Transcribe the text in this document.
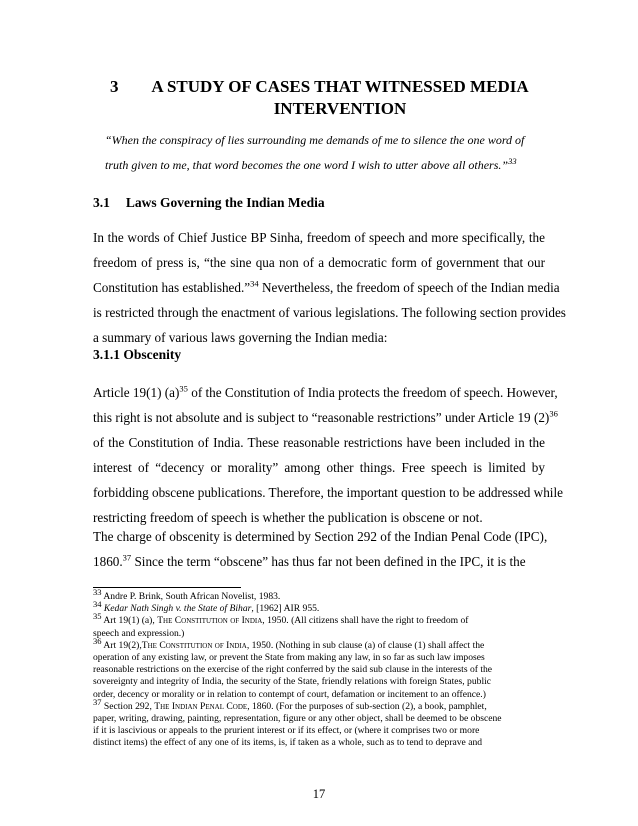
3 A STUDY OF CASES THAT WITNESSED MEDIA
INTERVENTION
“When the conspiracy of lies surrounding me demands of me to silence the one word of
truth given to me, that word becomes the one word I wish to utter above all others.”$^{33}$
3.1 Laws Governing the Indian Media
In the words of Chief Justice BP Sinha, freedom of speech and more specifically, the
freedom of press is, “the sine qua non of a democratic form of government that our
Constitution has established.”$^{34}$ Nevertheless, the freedom of speech of the Indian media
is restricted through the enactment of various legislations. The following section provides
a summary of various laws governing the Indian media:
3.1.1 Obscenity
Article 19(1) $(a)^{35}$ of the Constitution of India protects the freedom of speech. However,
this right is not absolute and is subject to “reasonable restrictions” under Article 19 $(2)^{36}$
of the Constitution of India. These reasonable restrictions have been included in the
interest of “decency or morality” among other things. Free speech is limited by
forbidding obscene publications. Therefore, the important question to be addressed while
restricting freedom of speech is whether the publication is obscene or not.
The charge of obscenity is determined by Section 292 of the Indian Penal Code (IPC),
1860.37 Since the term “obscene” has thus far not been defined in the IPC, it is the
$^{33}$ Andre P. Brink, South African Novelist, 1983.
$^{34}$ Kedar Nath Singh v. the State of Bihar, [1962] AIR 955.
$^{35}$ Art 19(1) (a), The Constitution of India, 1950. (All citizens shall have the right to freedom of
speech and expression.)
$^{36}$ Art 19(2),The Constitution of India, 1950. (Nothing in sub clause (a) of clause (1) shall affect the
operation of any existing law, or prevent the State from making any law, in so far as such law imposes
reasonable restrictions on the exercise of the right conferred by the said sub clause in the interests of the
sovereignty and integrity of India, the security of the State, friendly relations with foreign States, public
order, decency or morality or in relation to contempt of court, defamation or incitement to an offence.)
$^{37}$ Section 292, The Indian Penal Code, 1860. (For the purposes of sub-section (2), a book, pamphlet,
paper, writing, drawing, painting, representation, figure or any other object, shall be deemed to be obscene
if it is lascivious or appeals to the prurient interest or if its effect, or (where it comprises two or more
distinct items) the effect of any one of its items, is, if taken as a whole, such as to tend to deprave and
17
